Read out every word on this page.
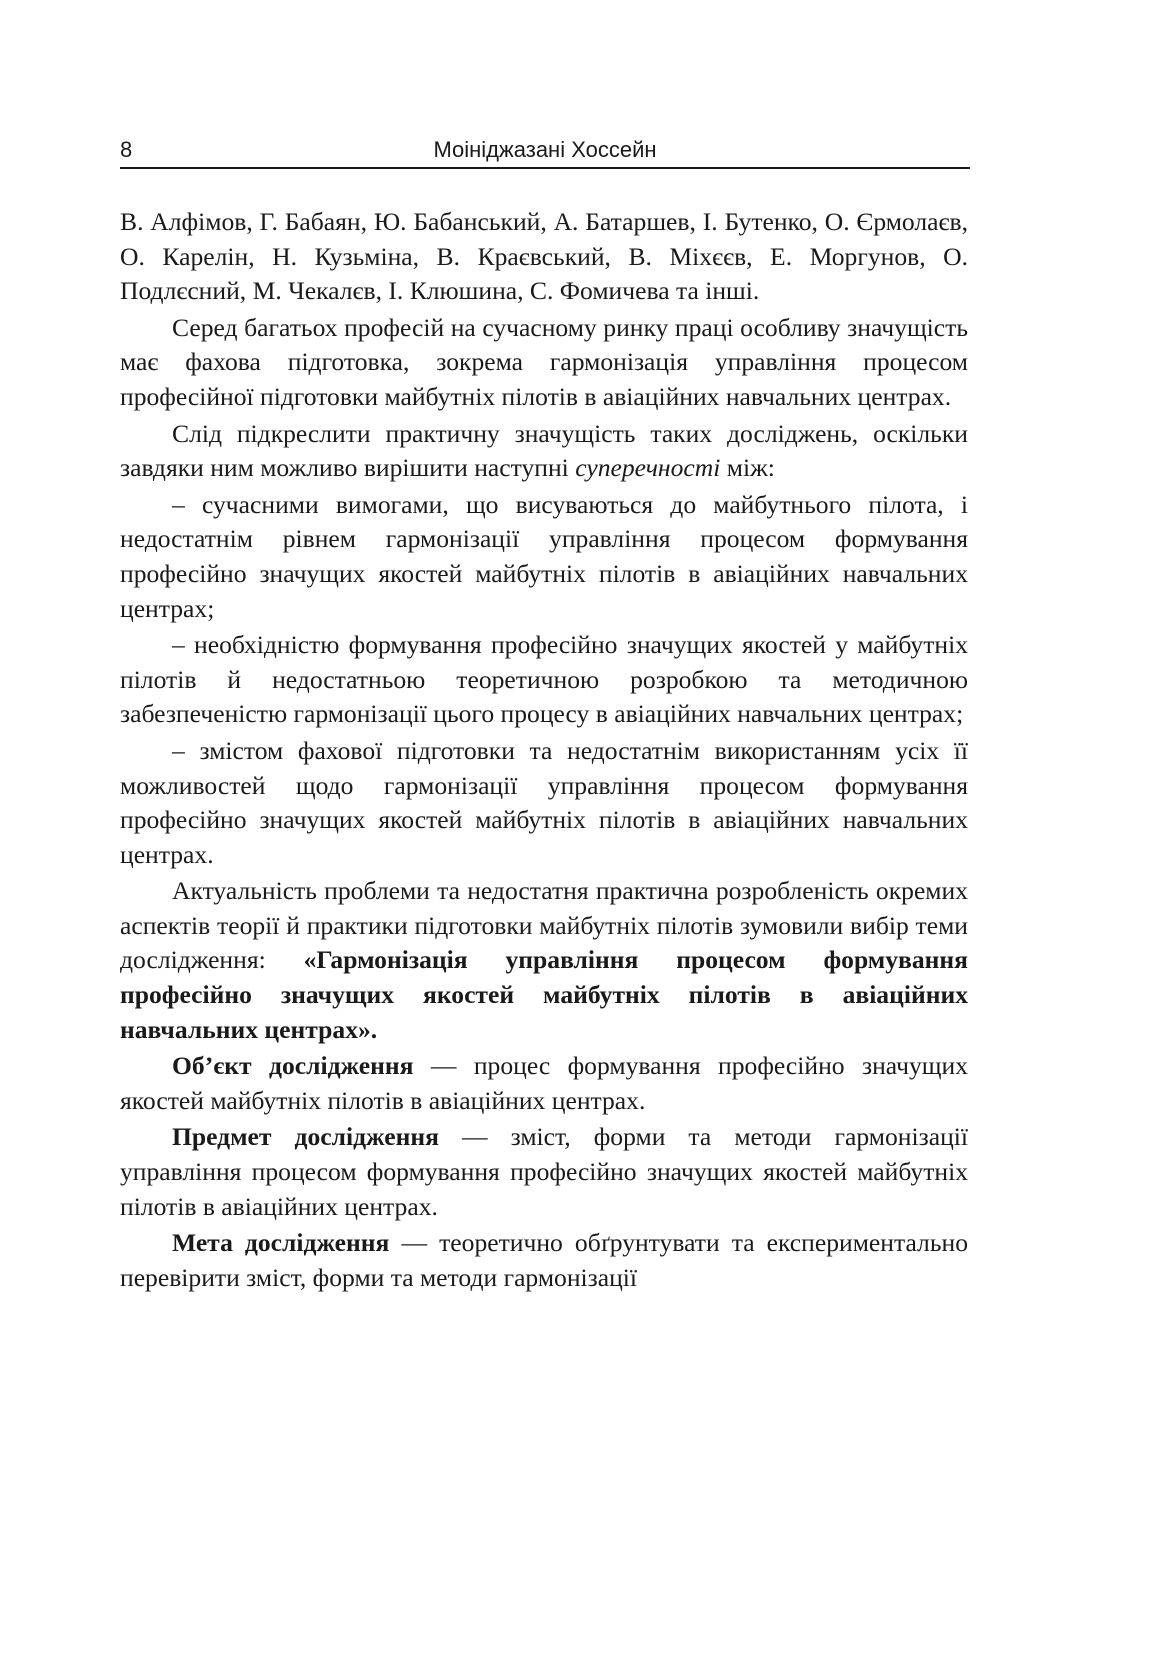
8	Моініджазані Хоссейн

В. Алфімов, Г. Бабаян, Ю. Бабанський, А. Батаршев, І. Бутенко, О. Єрмолаєв, О. Карелін, Н. Кузьміна, В. Краєвський, В. Міхєєв, Е. Моргунов, О. Подлєсний, М. Чекалєв, І. Клюшина, С. Фомичева та інші.

Серед багатьох професій на сучасному ринку праці особливу значущість має фахова підготовка, зокрема гармонізація управління процесом професійної підготовки майбутніх пілотів в авіаційних навчальних центрах.

Слід підкреслити практичну значущість таких досліджень, оскільки завдяки ним можливо вирішити наступні суперечності між:

– сучасними вимогами, що висуваються до майбутнього пілота, і недостатнім рівнем гармонізації управління процесом формування професійно значущих якостей майбутніх пілотів в авіаційних навчальних центрах;

– необхідністю формування професійно значущих якостей у майбутніх пілотів й недостатньою теоретичною розробкою та методичною забезпеченістю гармонізації цього процесу в авіаційних навчальних центрах;

– змістом фахової підготовки та недостатнім використанням усіх її можливостей щодо гармонізації управління процесом формування професійно значущих якостей майбутніх пілотів в авіаційних навчальних центрах.

Актуальність проблеми та недостатня практична розробленість окремих аспектів теорії й практики підготовки майбутніх пілотів зумовили вибір теми дослідження: «Гармонізація управління процесом формування професійно значущих якостей майбутніх пілотів в авіаційних навчальних центрах».

Об’єкт дослідження — процес формування професійно значущих якостей майбутніх пілотів в авіаційних центрах.

Предмет дослідження — зміст, форми та методи гармонізації управління процесом формування професійно значущих якостей майбутніх пілотів в авіаційних центрах.

Мета дослідження — теоретично обґрунтувати та експериментально перевірити зміст, форми та методи гармонізації
